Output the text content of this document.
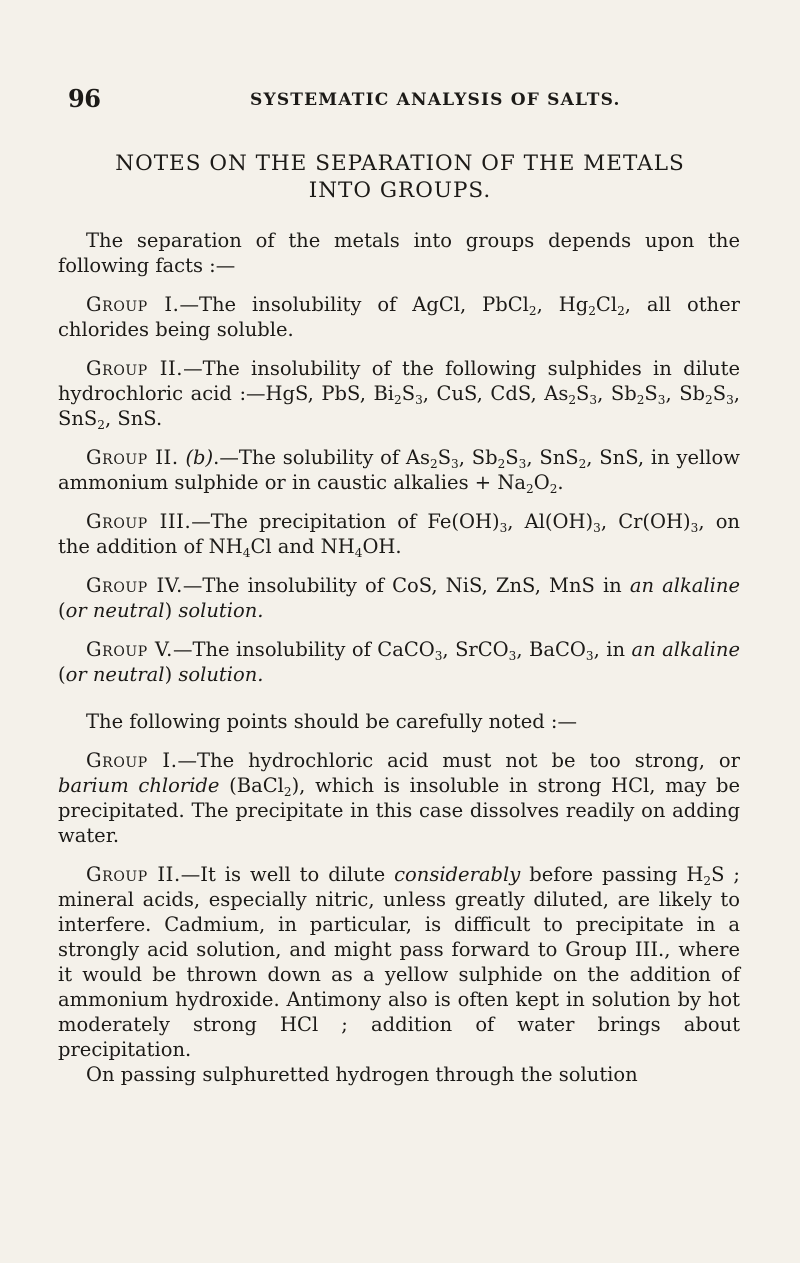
96	SYSTEMATIC ANALYSIS OF SALTS.
NOTES ON THE SEPARATION OF THE METALS
INTO GROUPS.

The separation of the metals into groups depends upon the following facts :—

Group I.—The insolubility of AgCl, PbCl$_2$, $Hg_2Cl_2$, all other chlorides being soluble.

Group II.—The insolubility of the following sulphides in dilute hydrochloric acid :—HgS, PbS, $Bi_2S_3$, CuS, CdS, $As_2S_3$, $Sb_2S_3$, $Sb_2S_3$, SnS$_2$, SnS.

Group II. (b).—The solubility of $As_2S_3$, $Sb_2S_3$, SnS$_2$, SnS, in yellow ammonium sulphide or in caustic alkalies + $Na_2O_2$.

Group III.—The precipitation of $Fe(OH)_3$, $Al(OH)_3$, $Cr(OH)_3$, on the addition of $NH_4Cl$ and $NH_4OH$.

Group IV.—The insolubility of CoS, NiS, ZnS, MnS in an alkaline (or neutral) solution.

Group V.—The insolubility of CaCO$_3$, SrCO$_3$, BaCO$_3$, in an alkaline (or neutral) solution.

The following points should be carefully noted :—

Group I.—The hydrochloric acid must not be too strong, or barium chloride (BaCl$_2$), which is insoluble in strong HCl, may be precipitated. The precipitate in this case dissolves readily on adding water.

Group II.—It is well to dilute considerably before passing $H_2S$ ; mineral acids, especially nitric, unless greatly diluted, are likely to interfere. Cadmium, in particular, is difficult to precipitate in a strongly acid solution, and might pass forward to Group III., where it would be thrown down as a yellow sulphide on the addition of ammonium hydroxide. Antimony also is often kept in solution by hot moderately strong HCl ; addition of water brings about precipitation.

On passing sulphuretted hydrogen through the solution
